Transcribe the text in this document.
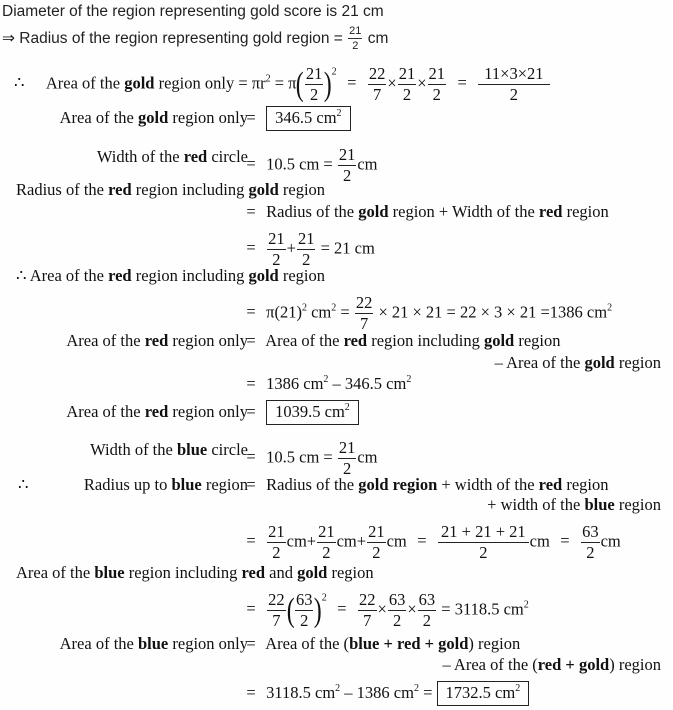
Diameter of the region representing gold score is 21 cm
⇒ Radius of the region representing gold region = $\frac{21}{2}$ cm
∴ Area of the gold region only = $\pi r^2 = \pi( \frac{21}{2} )^2 = \frac{22}{7} \times \frac{21}{2} \times \frac{21}{2} = \frac{11\times 3\times 21}{2}$
Area of the gold region only
= 346.5 $cm^2$
Width of the red circle
= 10.5 cm = $\frac{21}{2}$ cm
Radius of the red region including gold region
= Radius of the gold region + Width of the red region
= $\frac{21}{2} + \frac{21}{2} = 21$ cm
∴ Area of the red region including gold region
= $\pi(21)^2$ $cm^2 = \frac{22}{7} \times 21 \times 21 = 22 \times 3 \times 21 =1386$ $cm^2$
Area of the red region only
= Area of the red region including gold region
– Area of the gold region
= 1386 $cm^2 - 346.5$ $cm^2$
Area of the red region only
= 1039.5 $cm^2$
Width of the blue circle
= 10.5 cm = $\frac{21}{2}$ cm
∴	Radius up to blue region
= Radius of the gold region + width of the red region
+ width of the blue region
= $\frac{21}{2} cm+ \frac{21}{2} cm+ \frac{21}{2}$ cm = $\frac{21 + 21 + 21}{2}$ cm = $\frac{63}{2}$ cm
Area of the blue region including red and gold region
= $\frac{22}{7}$ ( $\frac{63}{2} )^2 = \frac{22}{7} \times \frac{63}{2} \times \frac{63}{2} = 3118.5$ $cm^2$
Area of the blue region only
= Area of the (blue + red + gold) region
– Area of the (red + gold) region
= 3118.5 $cm^2 - 1386$ $cm^2 = 1732.5$ $cm^2$
